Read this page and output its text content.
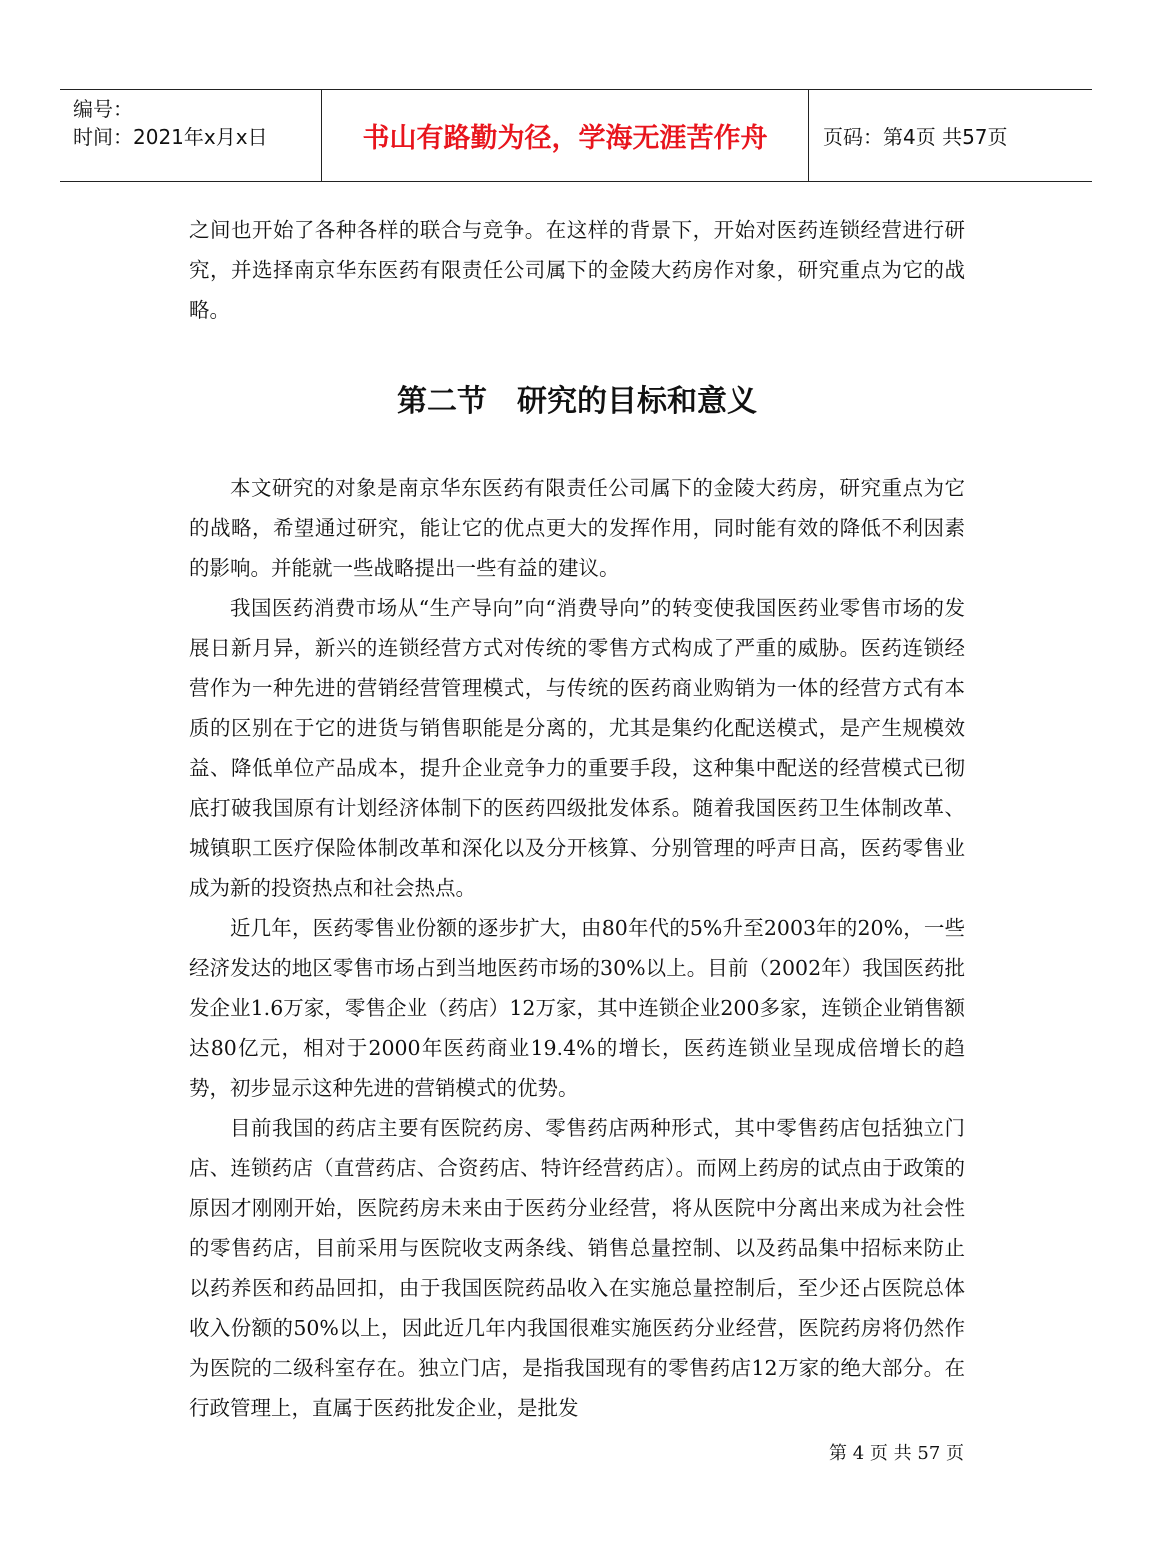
编号：
时间：2021年x月x日	书山有路勤为径，学海无涯苦作舟	页码：第4页 共57页

之间也开始了各种各样的联合与竞争。在这样的背景下，开始对医药连锁经营进行研究，并选择南京华东医药有限责任公司属下的金陵大药房作对象，研究重点为它的战略。

第二节　研究的目标和意义

本文研究的对象是南京华东医药有限责任公司属下的金陵大药房，研究重点为它的战略，希望通过研究，能让它的优点更大的发挥作用，同时能有效的降低不利因素的影响。并能就一些战略提出一些有益的建议。

我国医药消费市场从“生产导向”向“消费导向”的转变使我国医药业零售市场的发展日新月异，新兴的连锁经营方式对传统的零售方式构成了严重的威胁。医药连锁经营作为一种先进的营销经营管理模式，与传统的医药商业购销为一体的经营方式有本质的区别在于它的进货与销售职能是分离的，尤其是集约化配送模式，是产生规模效益、降低单位产品成本，提升企业竞争力的重要手段，这种集中配送的经营模式已彻底打破我国原有计划经济体制下的医药四级批发体系。随着我国医药卫生体制改革、城镇职工医疗保险体制改革和深化以及分开核算、分别管理的呼声日高，医药零售业成为新的投资热点和社会热点。

近几年，医药零售业份额的逐步扩大，由80年代的5%升至2003年的20%，一些经济发达的地区零售市场占到当地医药市场的30%以上。目前（2002年）我国医药批发企业1.6万家，零售企业（药店）12万家，其中连锁企业200多家，连锁企业销售额达80亿元，相对于2000年医药商业19.4%的增长，医药连锁业呈现成倍增长的趋势，初步显示这种先进的营销模式的优势。

目前我国的药店主要有医院药房、零售药店两种形式，其中零售药店包括独立门店、连锁药店（直营药店、合资药店、特许经营药店）。而网上药房的试点由于政策的原因才刚刚开始，医院药房未来由于医药分业经营，将从医院中分离出来成为社会性的零售药店，目前采用与医院收支两条线、销售总量控制、以及药品集中招标来防止以药养医和药品回扣，由于我国医院药品收入在实施总量控制后，至少还占医院总体收入份额的50%以上，因此近几年内我国很难实施医药分业经营，医院药房将仍然作为医院的二级科室存在。独立门店，是指我国现有的零售药店12万家的绝大部分。在行政管理上，直属于医药批发企业，是批发

第 4 页 共 57 页
